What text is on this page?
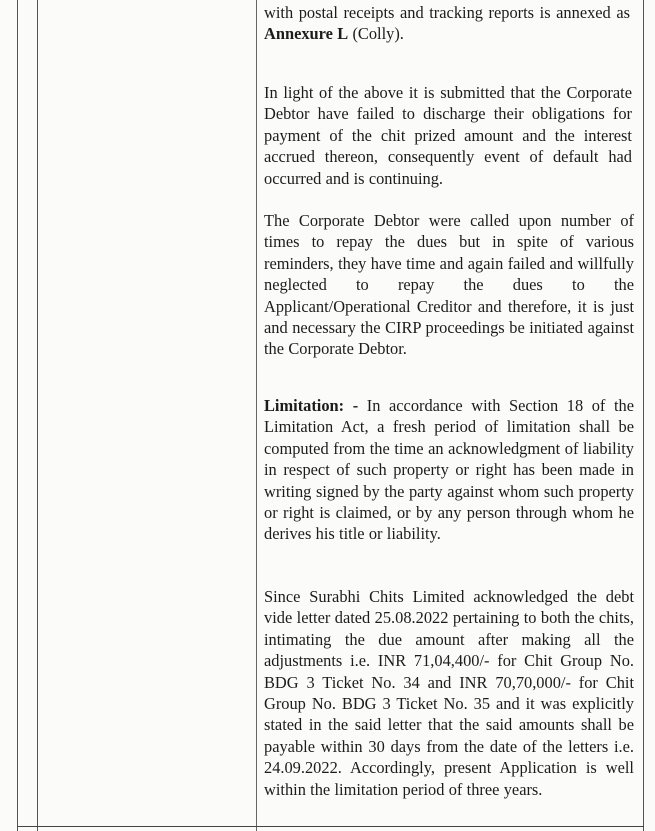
with postal receipts and tracking reports is annexed as Annexure L (Colly).

In light of the above it is submitted that the Corporate Debtor have failed to discharge their obligations for payment of the chit prized amount and the interest accrued thereon, consequently event of default had occurred and is continuing.

The Corporate Debtor were called upon number of times to repay the dues but in spite of various reminders, they have time and again failed and willfully neglected to repay the dues to the Applicant/Operational Creditor and therefore, it is just and necessary the CIRP proceedings be initiated against the Corporate Debtor.

Limitation: - In accordance with Section 18 of the Limitation Act, a fresh period of limitation shall be computed from the time an acknowledgment of liability in respect of such property or right has been made in writing signed by the party against whom such property or right is claimed, or by any person through whom he derives his title or liability.

Since Surabhi Chits Limited acknowledged the debt vide letter dated 25.08.2022 pertaining to both the chits, intimating the due amount after making all the adjustments i.e. INR 71,04,400/- for Chit Group No. BDG 3 Ticket No. 34 and INR 70,70,000/- for Chit Group No. BDG 3 Ticket No. 35 and it was explicitly stated in the said letter that the said amounts shall be payable within 30 days from the date of the letters i.e. 24.09.2022. Accordingly, present Application is well within the limitation period of three years.
